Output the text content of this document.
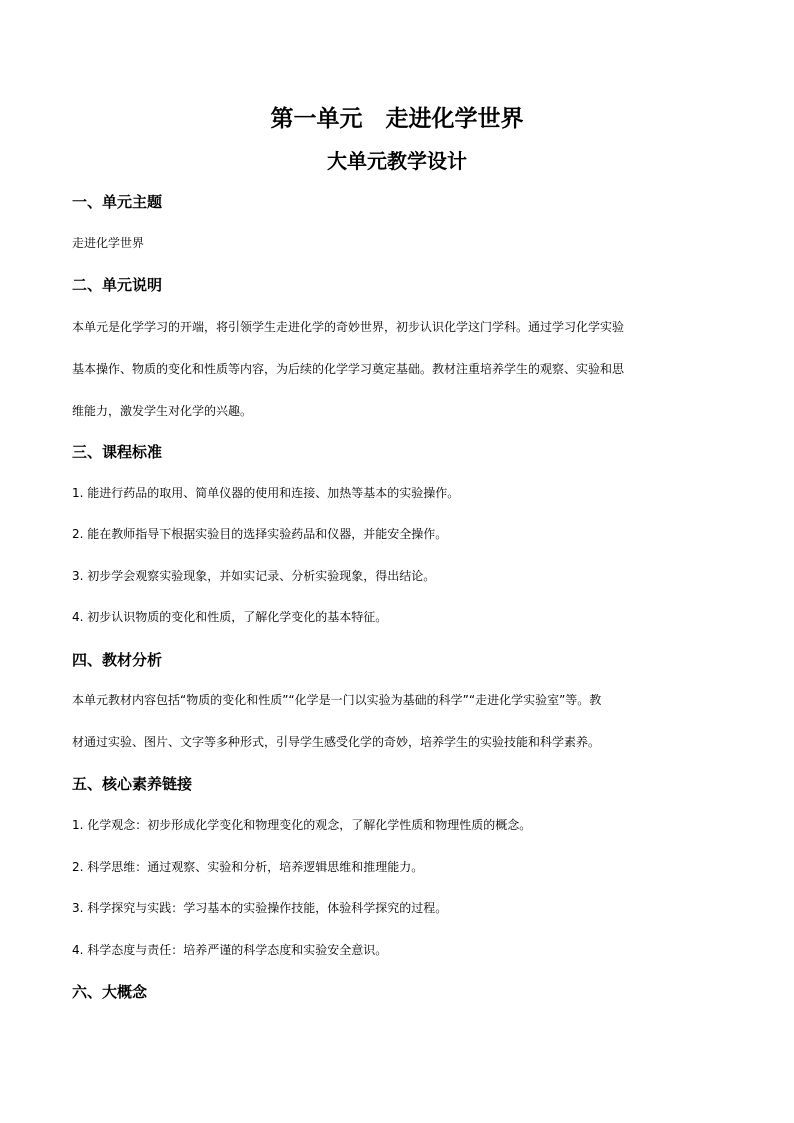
第一单元　走进化学世界
大单元教学设计
一、单元主题
走进化学世界
二、单元说明
本单元是化学学习的开端，将引领学生走进化学的奇妙世界，初步认识化学这门学科。通过学习化学实验
基本操作、物质的变化和性质等内容，为后续的化学学习奠定基础。教材注重培养学生的观察、实验和思
维能力，激发学生对化学的兴趣。
三、课程标准
1. 能进行药品的取用、简单仪器的使用和连接、加热等基本的实验操作。
2. 能在教师指导下根据实验目的选择实验药品和仪器，并能安全操作。
3. 初步学会观察实验现象，并如实记录、分析实验现象，得出结论。
4. 初步认识物质的变化和性质，了解化学变化的基本特征。
四、教材分析
本单元教材内容包括“物质的变化和性质”“化学是一门以实验为基础的科学”“走进化学实验室”等。教
材通过实验、图片、文字等多种形式，引导学生感受化学的奇妙，培养学生的实验技能和科学素养。
五、核心素养链接
1. 化学观念：初步形成化学变化和物理变化的观念，了解化学性质和物理性质的概念。
2. 科学思维：通过观察、实验和分析，培养逻辑思维和推理能力。
3. 科学探究与实践：学习基本的实验操作技能，体验科学探究的过程。
4. 科学态度与责任：培养严谨的科学态度和实验安全意识。
六、大概念
